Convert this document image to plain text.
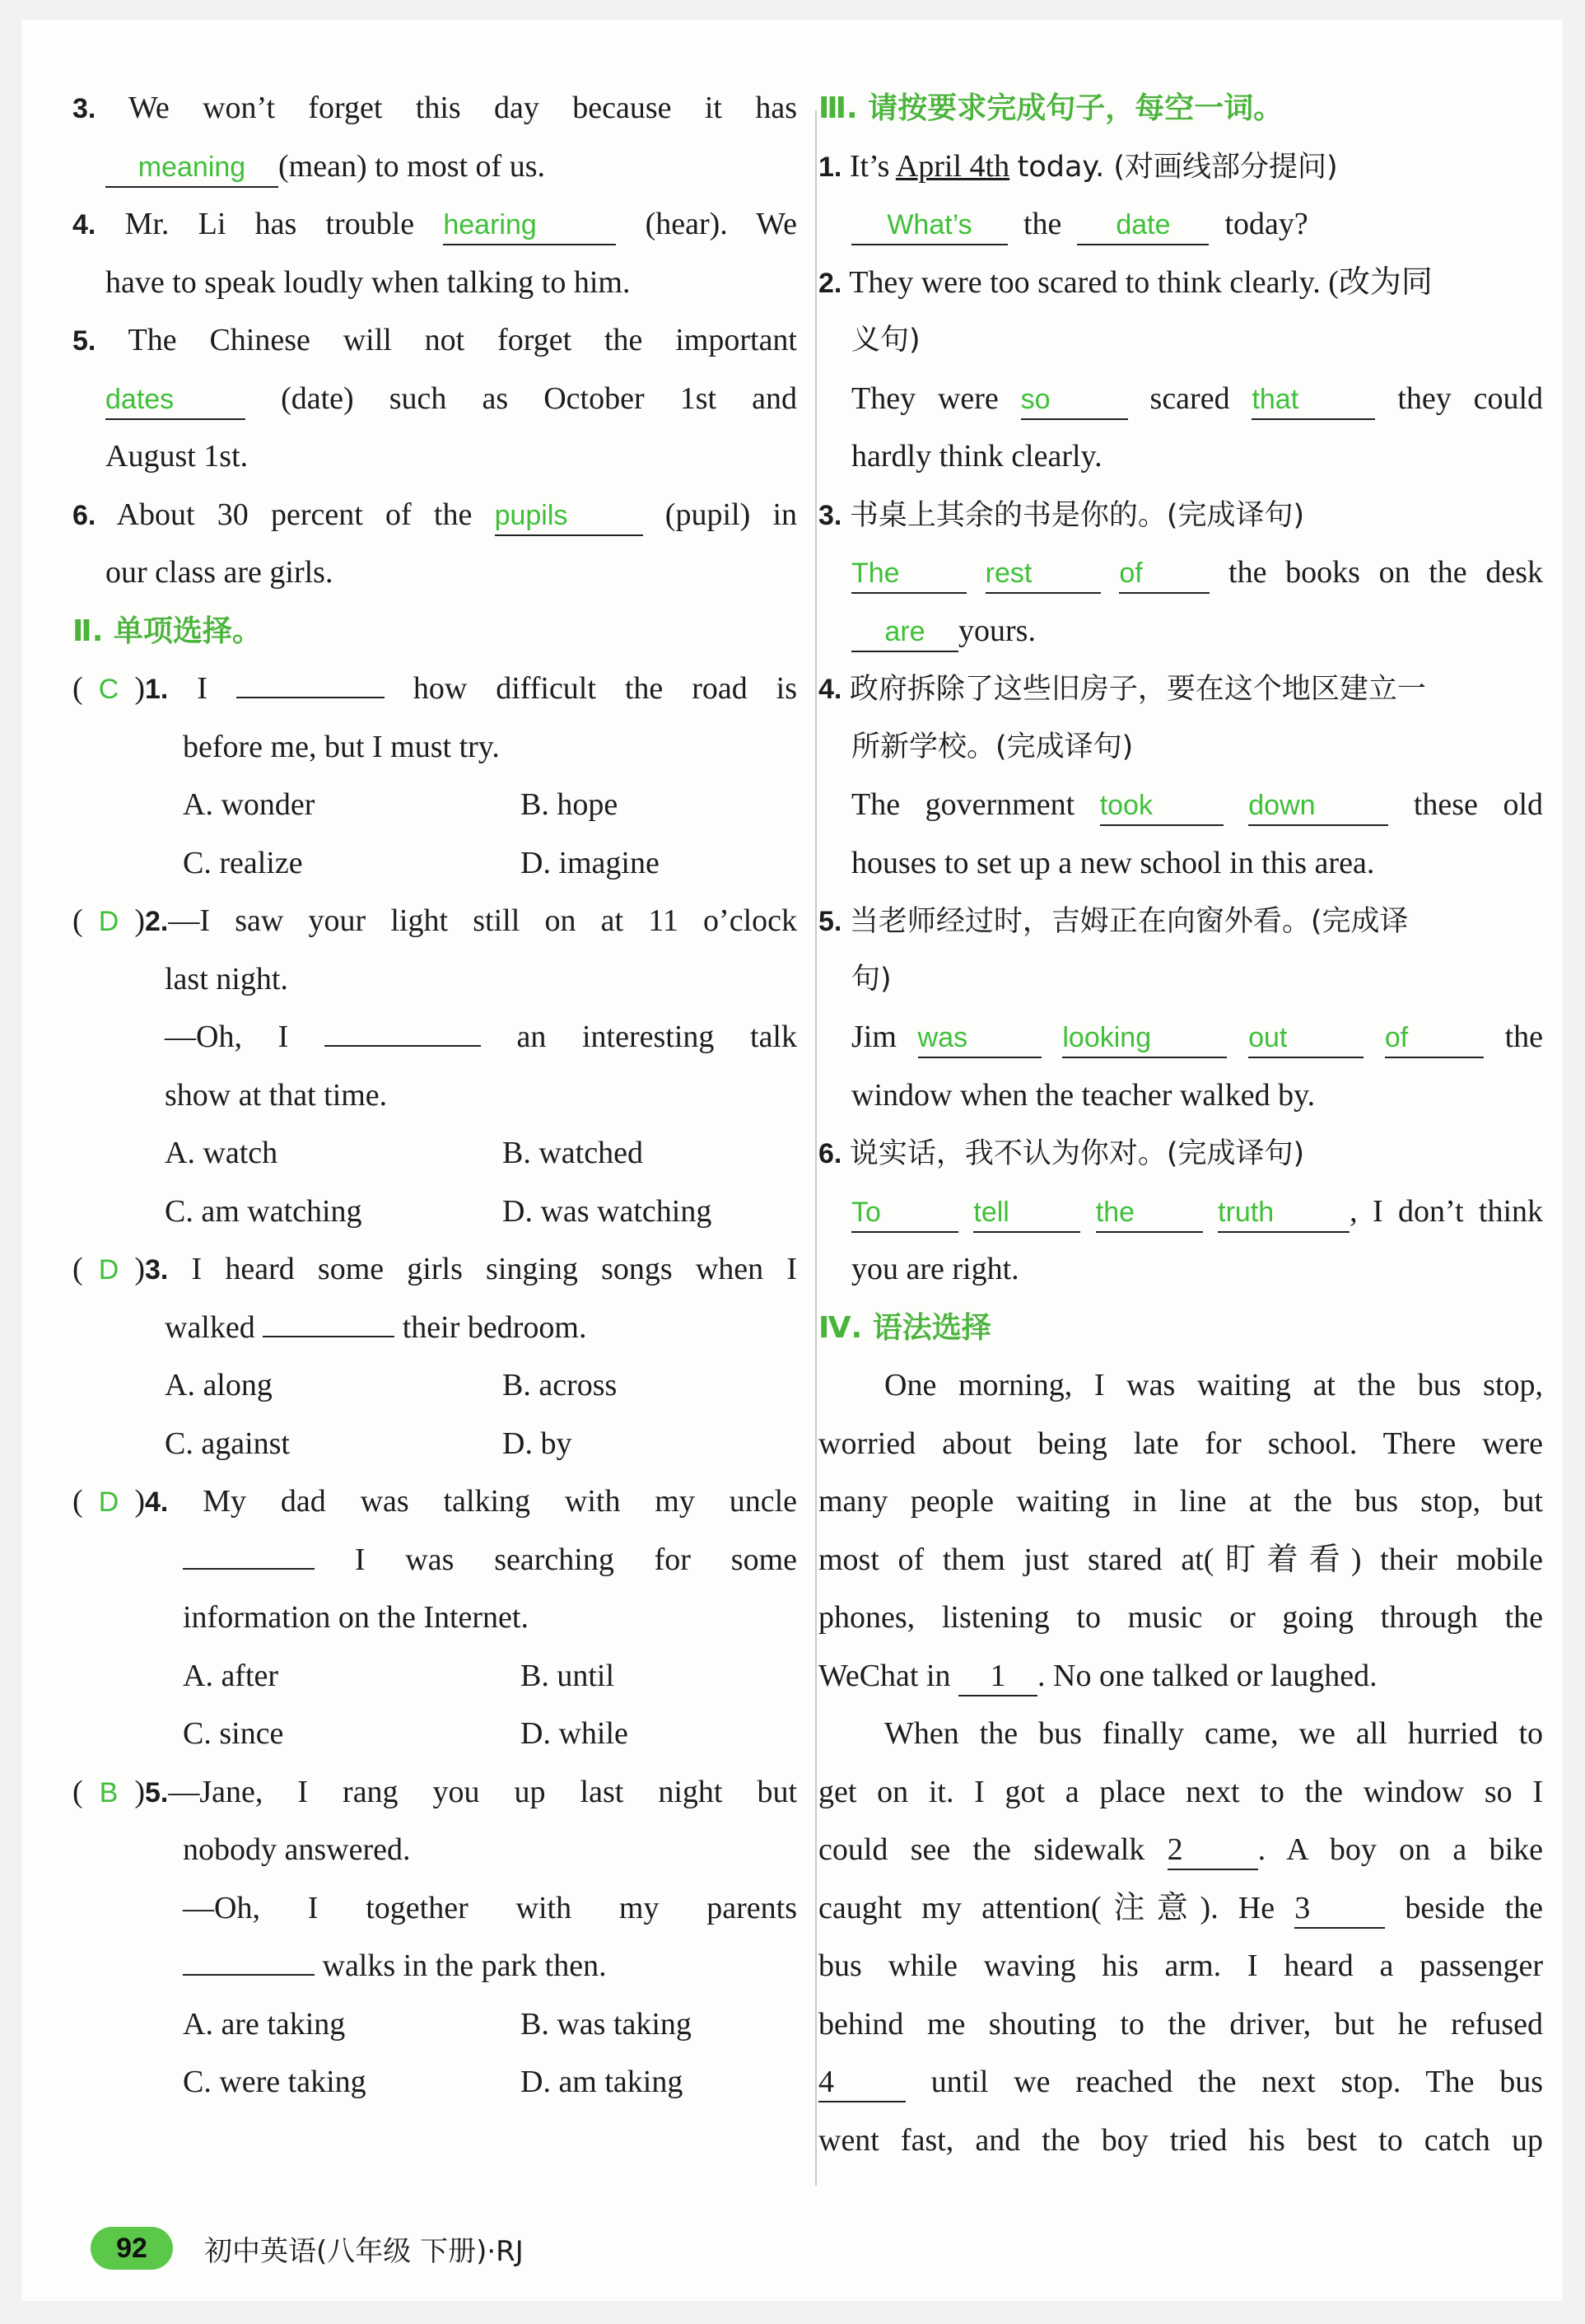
3. We won’t forget this day because it has
meaning (mean) to most of us.
4. Mr. Li has trouble hearing	(hear). We
have to speak loudly when talking to him.
5. The Chinese will not forget the important
dates	(date) such as October 1st and
August 1st.
6. About 30 percent of the pupils	(pupil) in
our class are girls.
Ⅱ. 单项选择。
( C )1. I	how difficult the road is
before me, but I must try.
A. wonder	B. hope
C. realize	D. imagine
( D )2.—I saw your light still on at 11 o’clock
last night.
—Oh, I	an interesting talk
show at that time.
A. watch	B. watched
C. am watching	D. was watching
( D )3. I heard some girls singing songs when I
walked	their bedroom.
A. along	B. across
C. against	D. by
( D )4. My dad was talking with my uncle
I was searching for some
information on the Internet.
A. after	B. until
C. since	D. while
( B )5.—Jane, I rang you up last night but
nobody answered.
—Oh, I together with my parents
walks in the park then.
A. are taking	B. was taking
C. were taking	D. am taking
Ⅲ. 请按要求完成句子，每空一词。
1. It’s April 4th today. (对画线部分提问)
What’s the date today?
2. They were too scared to think clearly. (改为同
义句)
They were so	scared that	they could
hardly think clearly.
3. 书桌上其余的书是你的。(完成译句)
The	rest	of	the books on the desk
are yours.
4. 政府拆除了这些旧房子，要在这个地区建立一
所新学校。(完成译句)
The government took	down	these old
houses to set up a new school in this area.
5. 当老师经过时，吉姆正在向窗外看。(完成译
句)
Jim was	looking	out	of	the
window when the teacher walked by.
6. 说实话，我不认为你对。(完成译句)
To	tell	the	truth , I don’t think
you are right.
Ⅳ. 语法选择
One morning, I was waiting at the bus stop,
worried about being late for school. There were
many people waiting in line at the bus stop, but
most of them just stared at(盯着看) their mobile
phones, listening to music or going through the
WeChat in 1 . No one talked or laughed.
When the bus finally came, we all hurried to
get on it. I got a place next to the window so I
could see the sidewalk 2 . A boy on a bike
caught my attention(注意). He 3	beside the
bus while waving his arm. I heard a passenger
behind me shouting to the driver, but he refused
4	until we reached the next stop. The bus
went fast, and the boy tried his best to catch up
92	初中英语(八年级 下册)·RJ
